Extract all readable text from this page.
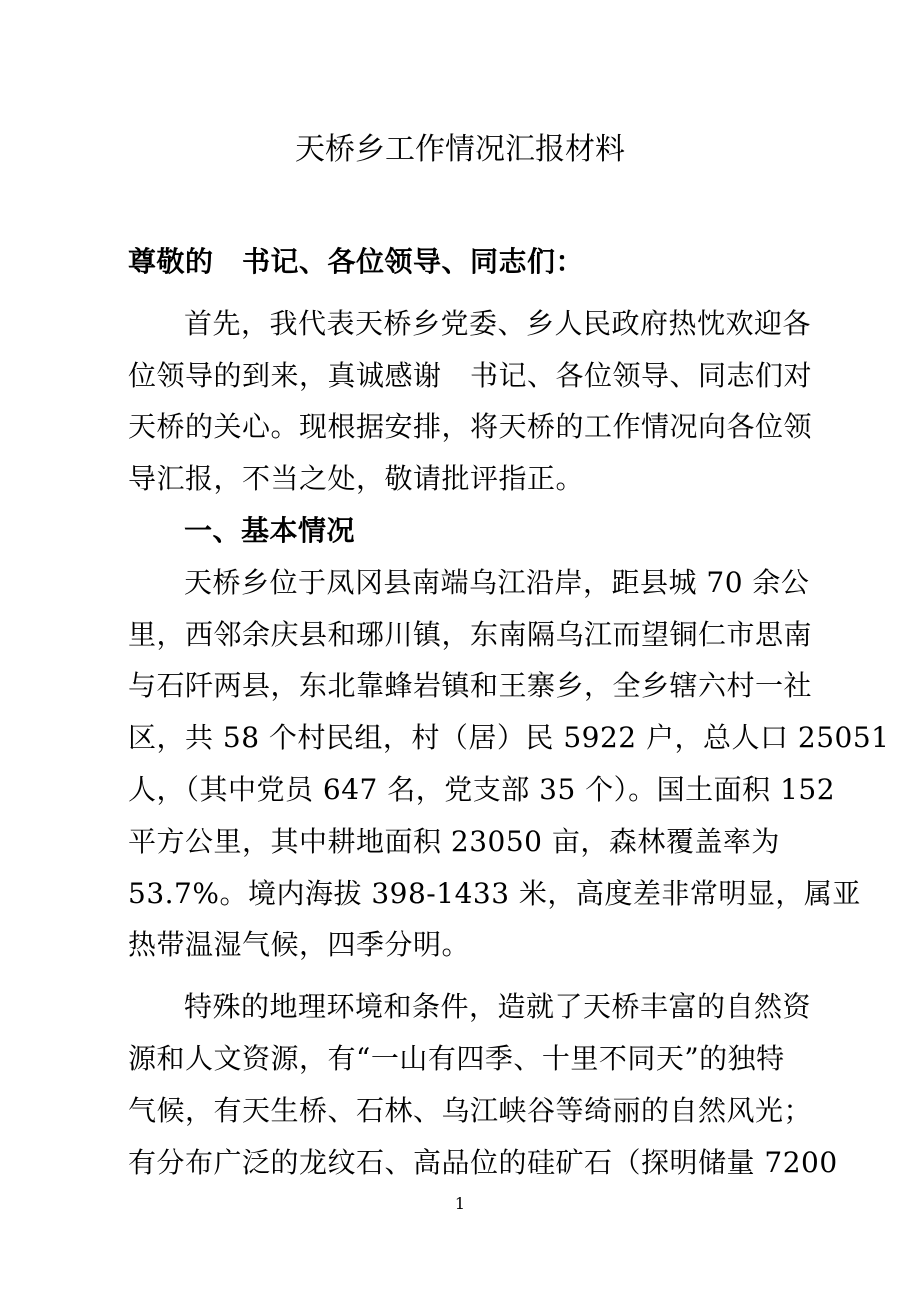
天桥乡工作情况汇报材料
尊敬的　书记、各位领导、同志们：
首先，我代表天桥乡党委、乡人民政府热忱欢迎各
位领导的到来，真诚感谢　书记、各位领导、同志们对
天桥的关心。现根据安排，将天桥的工作情况向各位领
导汇报，不当之处，敬请批评指正。
一、基本情况
天桥乡位于凤冈县南端乌江沿岸，距县城 70 余公
里，西邻余庆县和琊川镇，东南隔乌江而望铜仁市思南
与石阡两县，东北靠蜂岩镇和王寨乡，全乡辖六村一社
区，共 58 个村民组，村（居）民 5922 户，总人口 25051
人，（其中党员 647 名，党支部 35 个）。国土面积 152
平方公里，其中耕地面积 23050 亩，森林覆盖率为
53.7%。境内海拔 398-1433 米，高度差非常明显，属亚
热带温湿气候，四季分明。
特殊的地理环境和条件，造就了天桥丰富的自然资
源和人文资源，有“一山有四季、十里不同天”的独特
气候，有天生桥、石林、乌江峡谷等绮丽的自然风光；
有分布广泛的龙纹石、高品位的硅矿石（探明储量 7200
1
